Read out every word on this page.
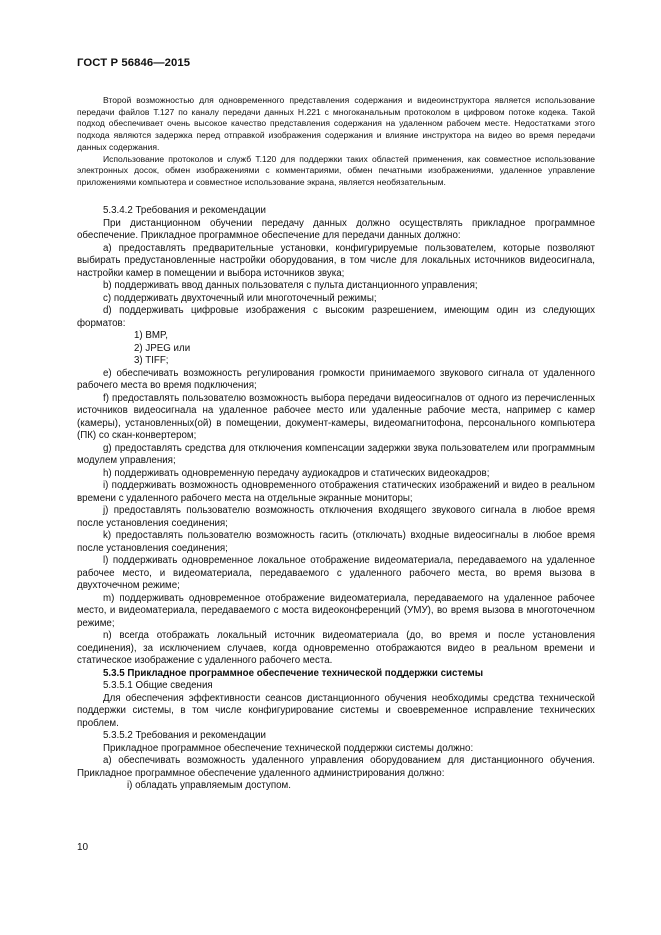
ГОСТ Р 56846—2015

Второй возможностью для одновременного представления содержания и видеоинструктора является использование передачи файлов Т.127 по каналу передачи данных Н.221 с многоканальным протоколом в цифровом потоке кодека. Такой подход обеспечивает очень высокое качество представления содержания на удаленном рабочем месте. Недостатками этого подхода являются задержка перед отправкой изображения содержания и влияние инструктора на видео во время передачи данных содержания.

Использование протоколов и служб Т.120 для поддержки таких областей применения, как совместное использование электронных досок, обмен изображениями с комментариями, обмен печатными изображениями, удаленное управление приложениями компьютера и совместное использование экрана, является необязательным.

5.3.4.2 Требования и рекомендации

При дистанционном обучении передачу данных должно осуществлять прикладное программное обеспечение. Прикладное программное обеспечение для передачи данных должно:

a) предоставлять предварительные установки, конфигурируемые пользователем, которые позволяют выбирать предустановленные настройки оборудования, в том числе для локальных источников видеосигнала, настройки камер в помещении и выбора источников звука;

b) поддерживать ввод данных пользователя с пульта дистанционного управления;

c) поддерживать двухточечный или многоточечный режимы;

d) поддерживать цифровые изображения с высоким разрешением, имеющим один из следующих форматов:

1) BMP,

2) JPEG или

3) TIFF;

e) обеспечивать возможность регулирования громкости принимаемого звукового сигнала от удаленного рабочего места во время подключения;

f) предоставлять пользователю возможность выбора передачи видеосигналов от одного из перечисленных источников видеосигнала на удаленное рабочее место или удаленные рабочие места, например с камер (камеры), установленных(ой) в помещении, документ-камеры, видеомагнитофона, персонального компьютера (ПК) со скан-конвертером;

g) предоставлять средства для отключения компенсации задержки звука пользователем или программным модулем управления;

h) поддерживать одновременную передачу аудиокадров и статических видеокадров;

i) поддерживать возможность одновременного отображения статических изображений и видео в реальном времени с удаленного рабочего места на отдельные экранные мониторы;

j) предоставлять пользователю возможность отключения входящего звукового сигнала в любое время после установления соединения;

k) предоставлять пользователю возможность гасить (отключать) входные видеосигналы в любое время после установления соединения;

l) поддерживать одновременное локальное отображение видеоматериала, передаваемого на удаленное рабочее место, и видеоматериала, передаваемого с удаленного рабочего места, во время вызова в двухточечном режиме;

m) поддерживать одновременное отображение видеоматериала, передаваемого на удаленное рабочее место, и видеоматериала, передаваемого с моста видеоконференций (УМУ), во время вызова в многоточечном режиме;

n) всегда отображать локальный источник видеоматериала (до, во время и после установления соединения), за исключением случаев, когда одновременно отображаются видео в реальном времени и статическое изображение с удаленного рабочего места.

5.3.5 Прикладное программное обеспечение технической поддержки системы

5.3.5.1 Общие сведения

Для обеспечения эффективности сеансов дистанционного обучения необходимы средства технической поддержки системы, в том числе конфигурирование системы и своевременное исправление технических проблем.

5.3.5.2 Требования и рекомендации

Прикладное программное обеспечение технической поддержки системы должно:

a) обеспечивать возможность удаленного управления оборудованием для дистанционного обучения. Прикладное программное обеспечение удаленного администрирования должно:

i) обладать управляемым доступом.

10
